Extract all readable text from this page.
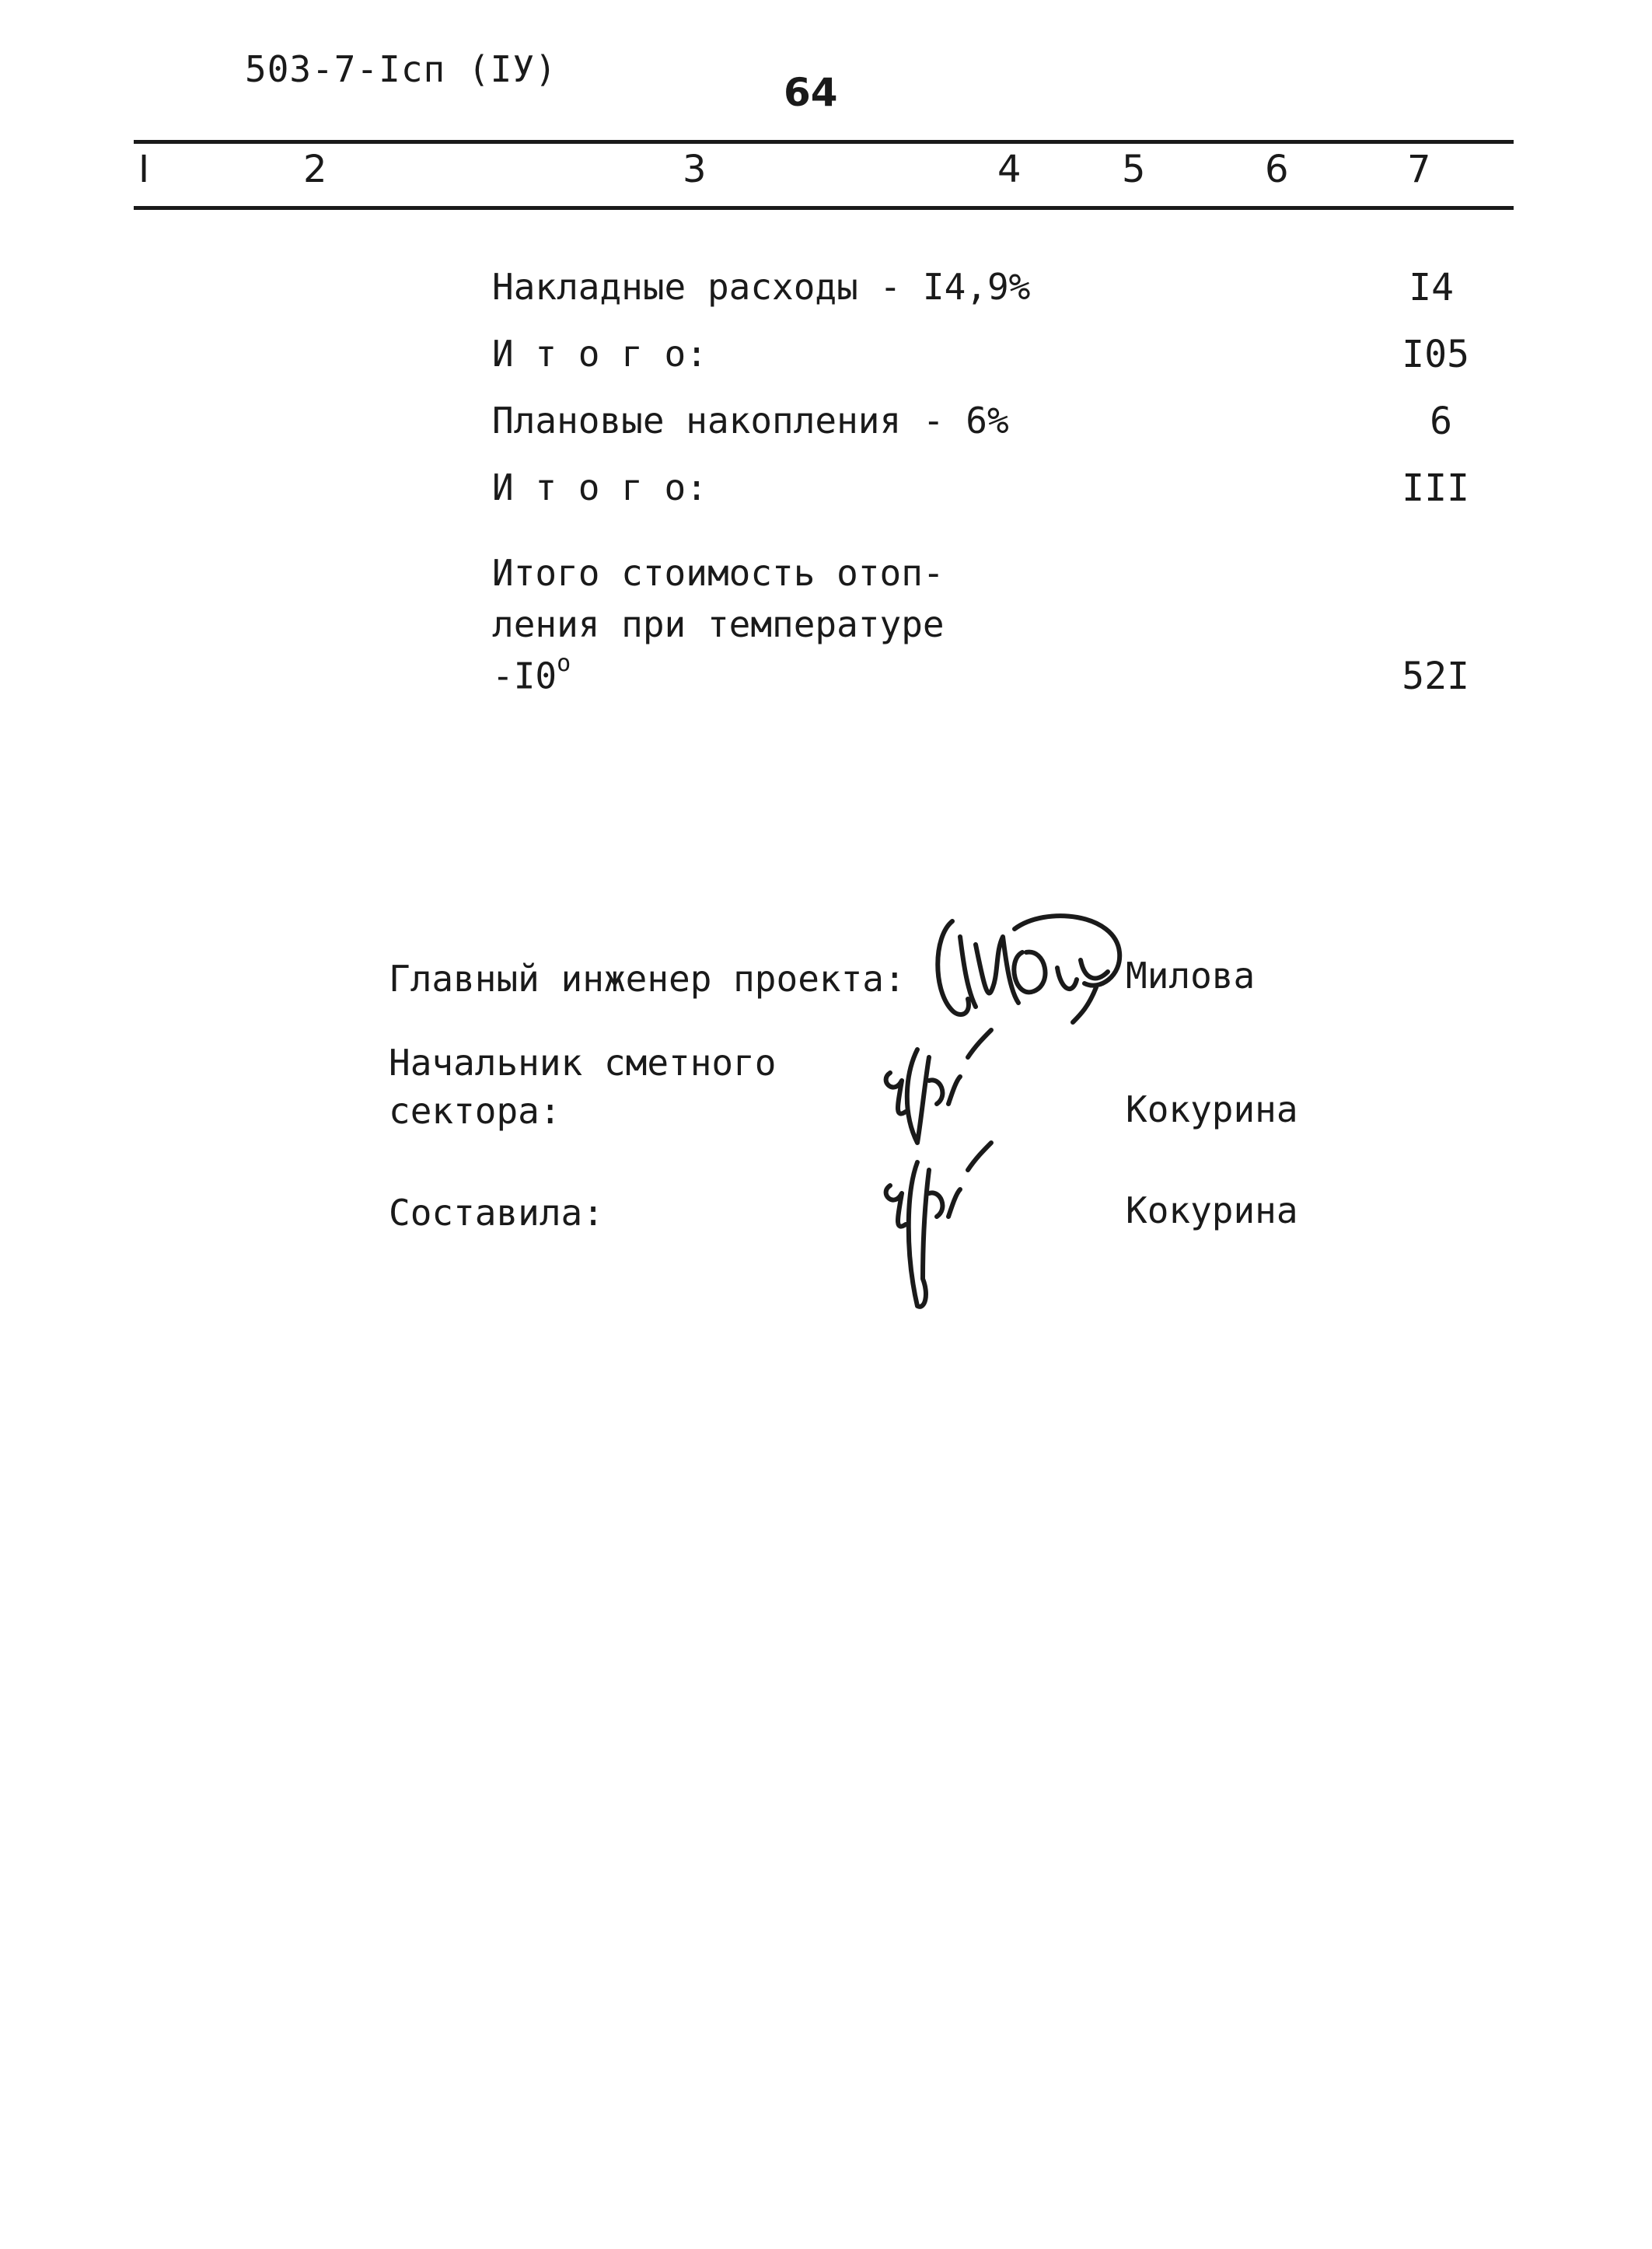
503-7-Iсп (IУ)
64
I	2	3	4	5	6	7
Накладные расходы - I4,9%	I4
И т о г о:	I05
Плановые накопления - 6%	6
И т о г о:	III
Итого стоимость отоп-
ления при температуре
-I0$^o$	52I
Главный инженер проекта:	Милова
Начальник сметного
сектора:	Кокурина
Составила:	Кокурина
